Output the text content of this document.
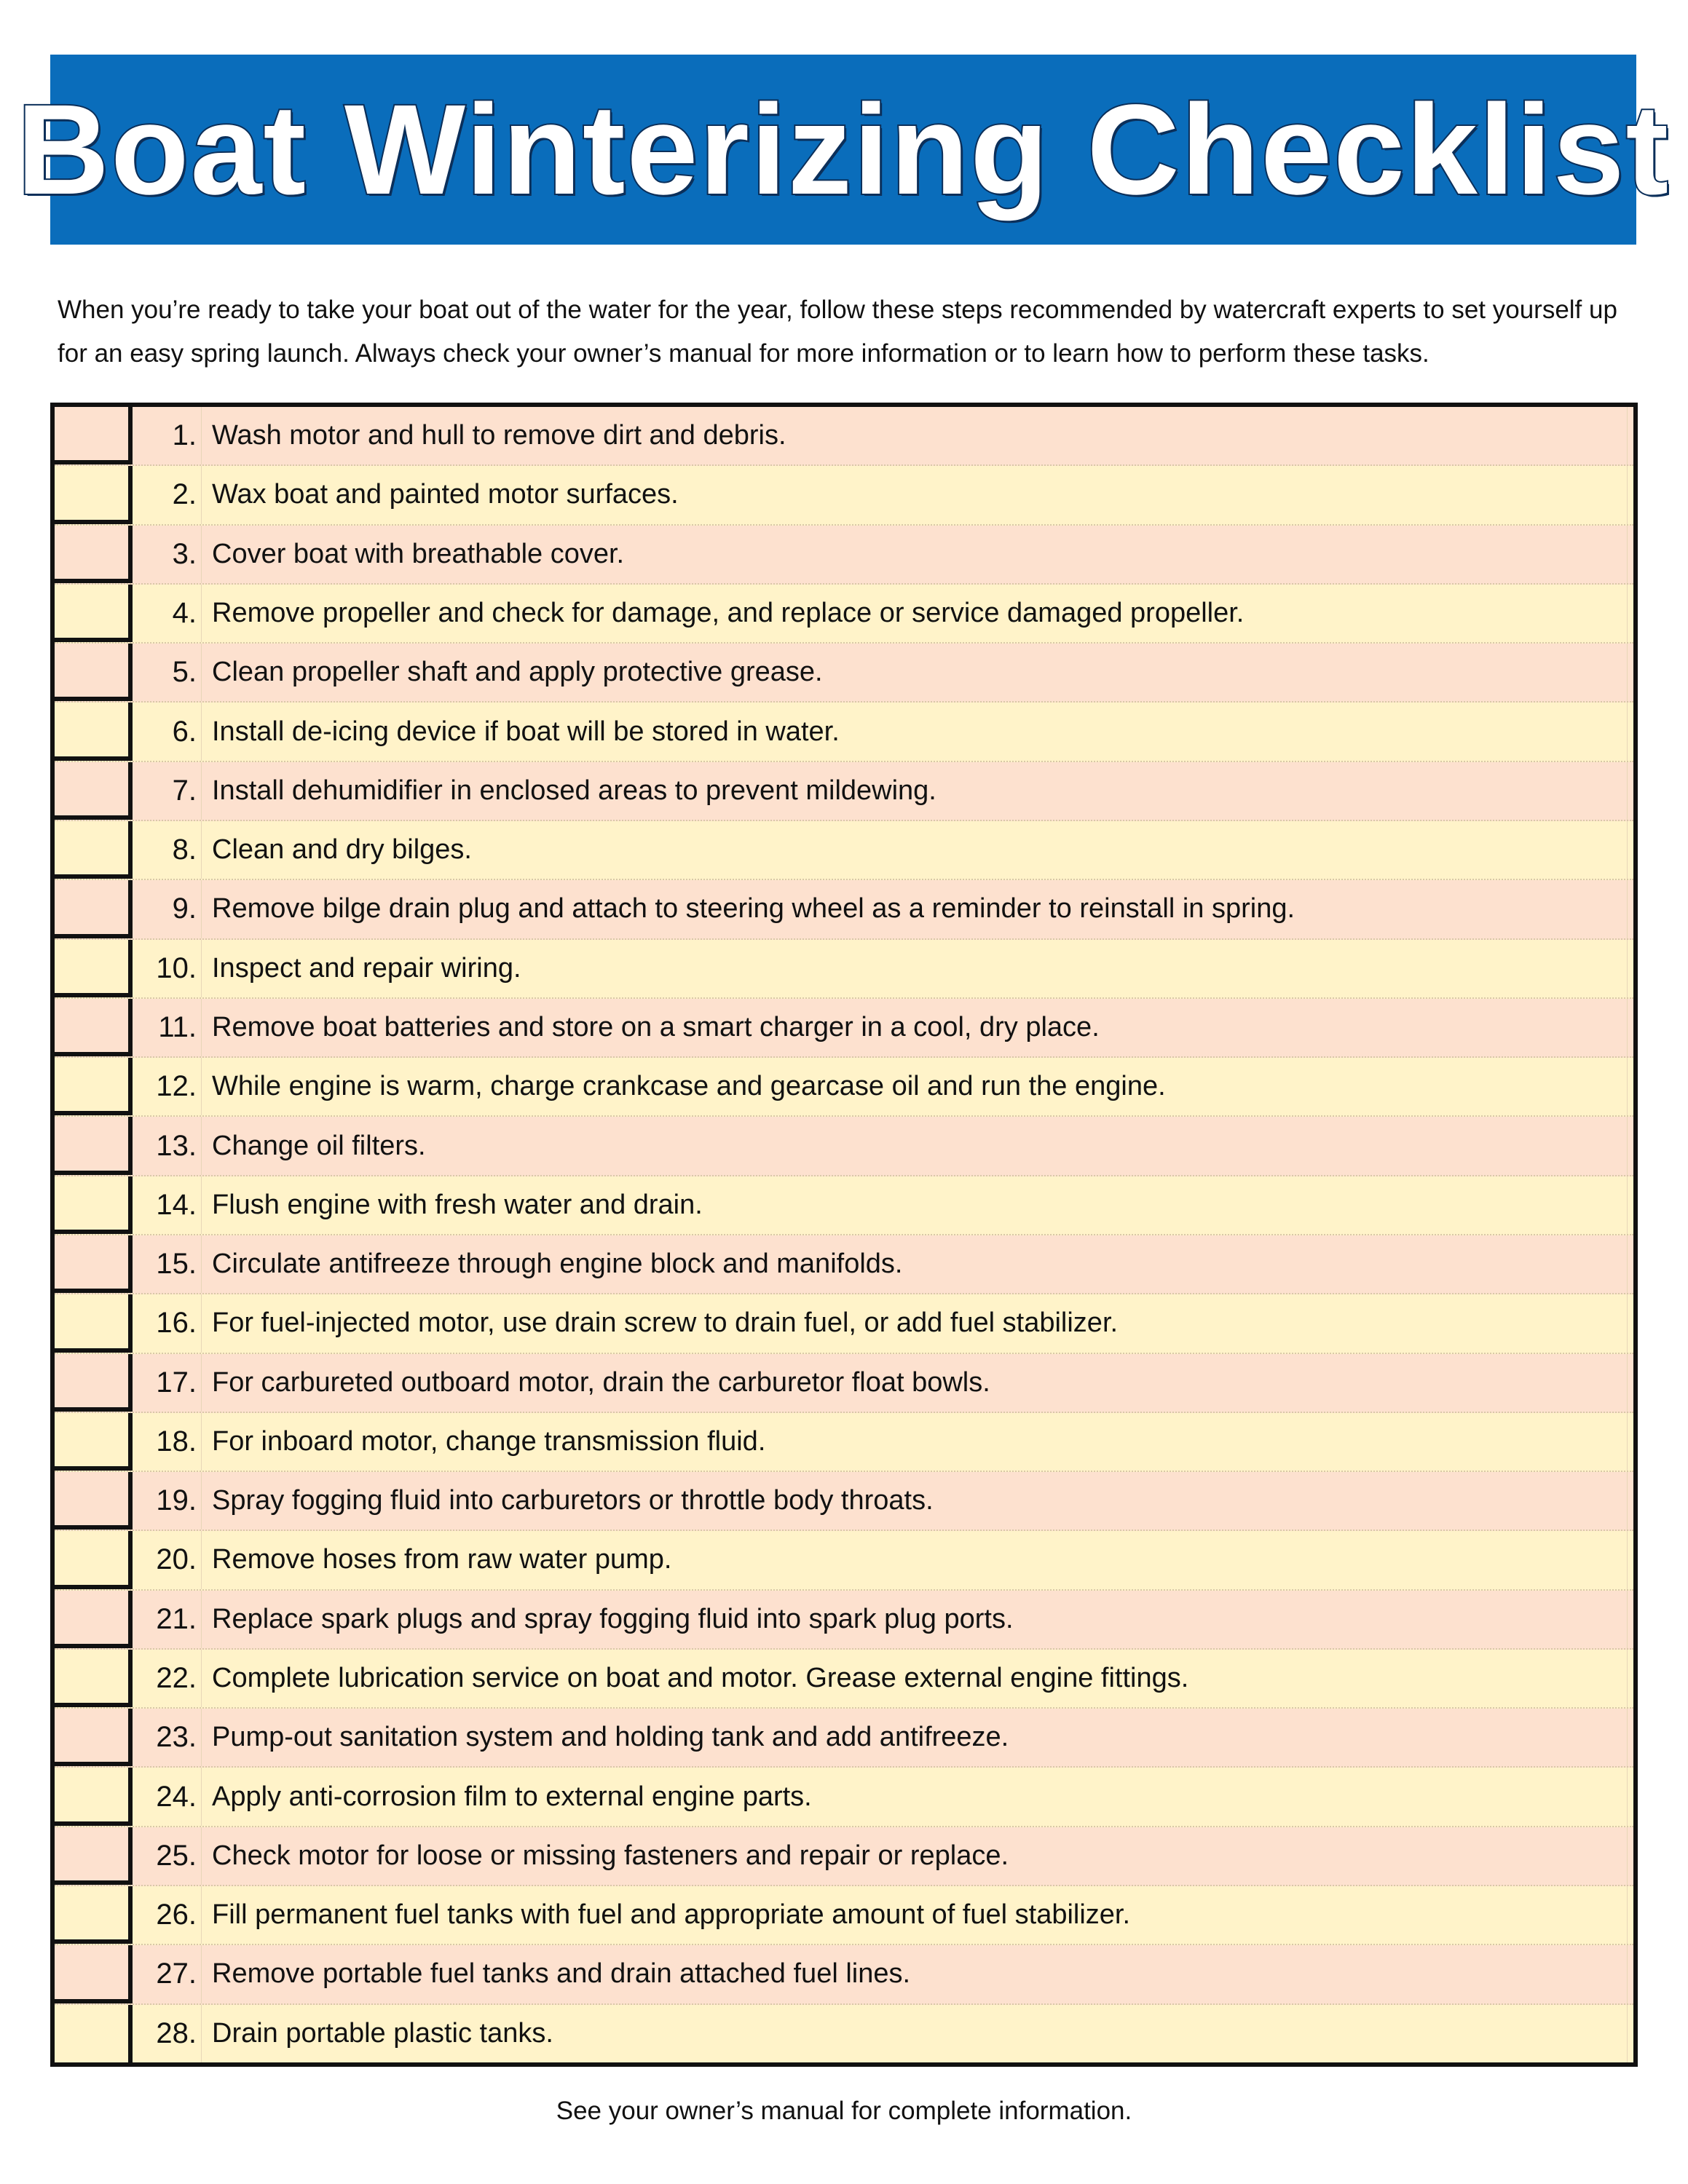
Boat Winterizing Checklist
When you’re ready to take your boat out of the water for the year, follow these steps recommended by watercraft experts to set yourself up for an easy spring launch. Always check your owner’s manual for more information or to learn how to perform these tasks.
1. Wash motor and hull to remove dirt and debris.
2. Wax boat and painted motor surfaces.
3. Cover boat with breathable cover.
4. Remove propeller and check for damage, and replace or service damaged propeller.
5. Clean propeller shaft and apply protective grease.
6. Install de-icing device if boat will be stored in water.
7. Install dehumidifier in enclosed areas to prevent mildewing.
8. Clean and dry bilges.
9. Remove bilge drain plug and attach to steering wheel as a reminder to reinstall in spring.
10. Inspect and repair wiring.
11. Remove boat batteries and store on a smart charger in a cool, dry place.
12. While engine is warm, charge crankcase and gearcase oil and run the engine.
13. Change oil filters.
14. Flush engine with fresh water and drain.
15. Circulate antifreeze through engine block and manifolds.
16. For fuel-injected motor, use drain screw to drain fuel, or add fuel stabilizer.
17. For carbureted outboard motor, drain the carburetor float bowls.
18. For inboard motor, change transmission fluid.
19. Spray fogging fluid into carburetors or throttle body throats.
20. Remove hoses from raw water pump.
21. Replace spark plugs and spray fogging fluid into spark plug ports.
22. Complete lubrication service on boat and motor. Grease external engine fittings.
23. Pump-out sanitation system and holding tank and add antifreeze.
24. Apply anti-corrosion film to external engine parts.
25. Check motor for loose or missing fasteners and repair or replace.
26. Fill permanent fuel tanks with fuel and appropriate amount of fuel stabilizer.
27. Remove portable fuel tanks and drain attached fuel lines.
28. Drain portable plastic tanks.
See your owner’s manual for complete information.
